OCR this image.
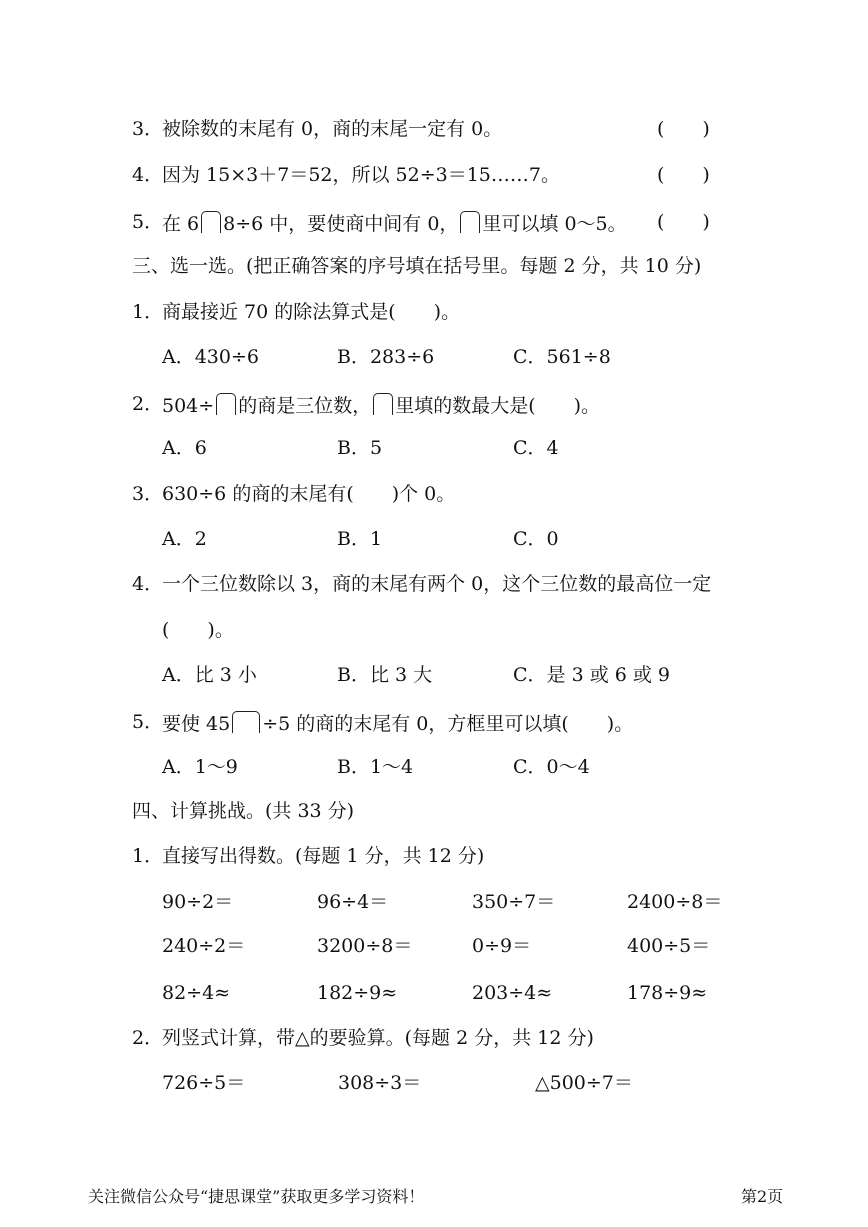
3．
被除数的末尾有 0，商的末尾一定有 0。	(　　)
4．
因为 15×3＋7＝52，所以 52÷3＝15……7。	(　　)
5．
在 6 8÷6 中，要使商中间有 0， 里可以填 0～5。 (　　)
三、选一选。(把正确答案的序号填在括号里。每题 2 分，共 10 分)
1．
商最接近 70 的除法算式是(　　)。
A．430÷6	B．283÷6	C．561÷8
2．
504÷ 的商是三位数， 里填的数最大是(　　)。
A．6	B．5	C．4
3．
630÷6 的商的末尾有(　　)个 0。
A．2	B．1	C．0
4．
一个三位数除以 3，商的末尾有两个 0，这个三位数的最高位一定
(　　)。
A．比 3 小	B．比 3 大	C．是 3 或 6 或 9
5．
要使 45 ÷5 的商的末尾有 0，方框里可以填(　　)。
A．1～9	B．1～4	C．0～4
四、计算挑战。(共 33 分)
1．
直接写出得数。(每题 1 分，共 12 分)
90÷2＝	96÷4＝	350÷7＝	2400÷8＝
240÷2＝	3200÷8＝	0÷9＝	400÷5＝
82÷4≈	182÷9≈	203÷4≈	178÷9≈
2．
列竖式计算，带△的要验算。(每题 2 分，共 12 分)
726÷5＝	308÷3＝	△500÷7＝
关注微信公众号“捷思课堂”获取更多学习资料！	第2页
